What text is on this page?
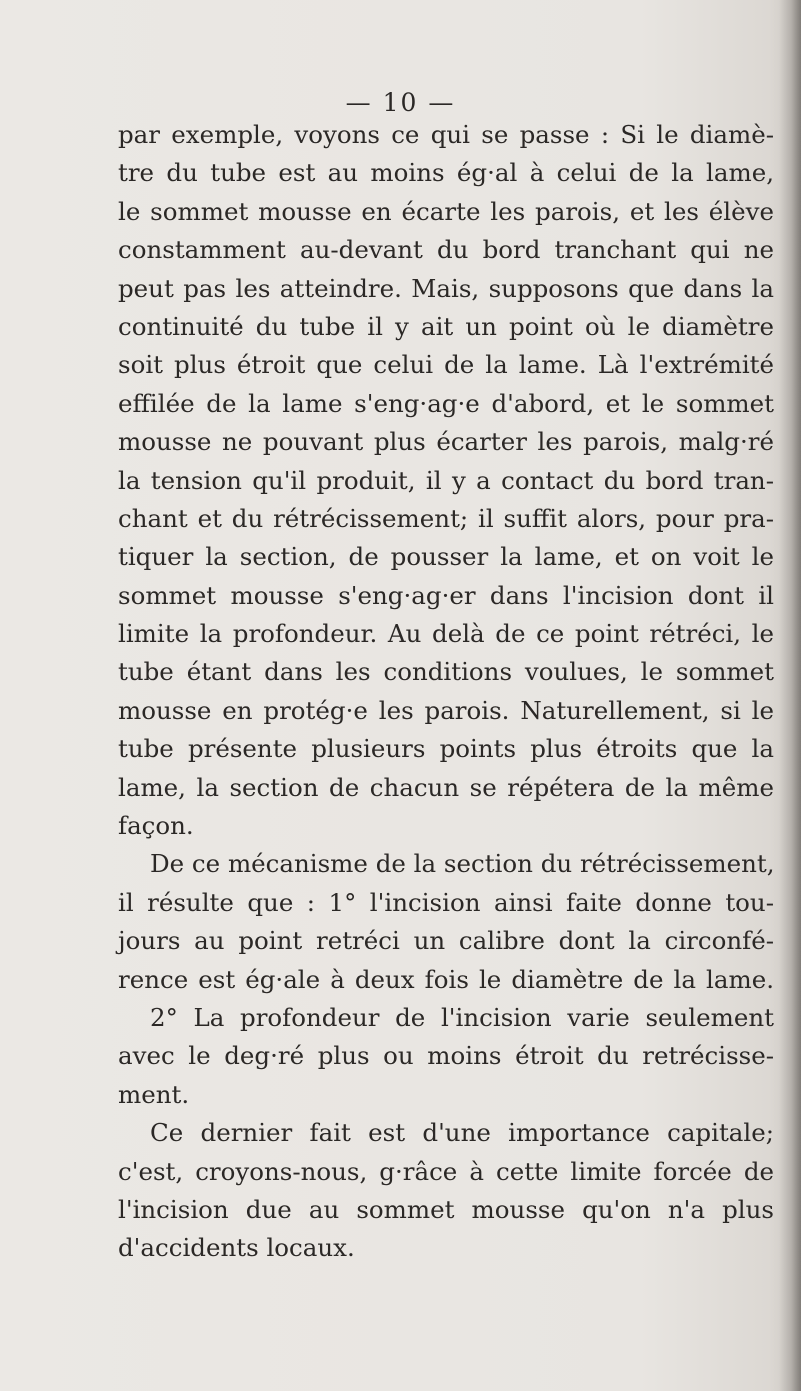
— 10 —
par exemple, voyons ce qui se passe : Si le diamè-
tre du tube est au moins ég·al à celui de la lame,
le sommet mousse en écarte les parois, et les élève
constamment au-devant du bord tranchant qui ne
peut pas les atteindre. Mais, supposons que dans la
continuité du tube il y ait un point où le diamètre
soit plus étroit que celui de la lame. Là l'extrémité
effilée de la lame s'eng·ag·e d'abord, et le sommet
mousse ne pouvant plus écarter les parois, malg·ré
la tension qu'il produit, il y a contact du bord tran-
chant et du rétrécissement; il suffit alors, pour pra-
tiquer la section, de pousser la lame, et on voit le
sommet mousse s'eng·ag·er dans l'incision dont il
limite la profondeur. Au delà de ce point rétréci, le
tube étant dans les conditions voulues, le sommet
mousse en protég·e les parois. Naturellement, si le
tube présente plusieurs points plus étroits que la
lame, la section de chacun se répétera de la même
façon.
De ce mécanisme de la section du rétrécissement,
il résulte que : 1° l'incision ainsi faite donne tou-
jours au point retréci un calibre dont la circonfé-
rence est ég·ale à deux fois le diamètre de la lame.
2° La profondeur de l'incision varie seulement
avec le deg·ré plus ou moins étroit du retrécisse-
ment.
Ce dernier fait est d'une importance capitale;
c'est, croyons-nous, g·râce à cette limite forcée de
l'incision due au sommet mousse qu'on n'a plus
d'accidents locaux.
